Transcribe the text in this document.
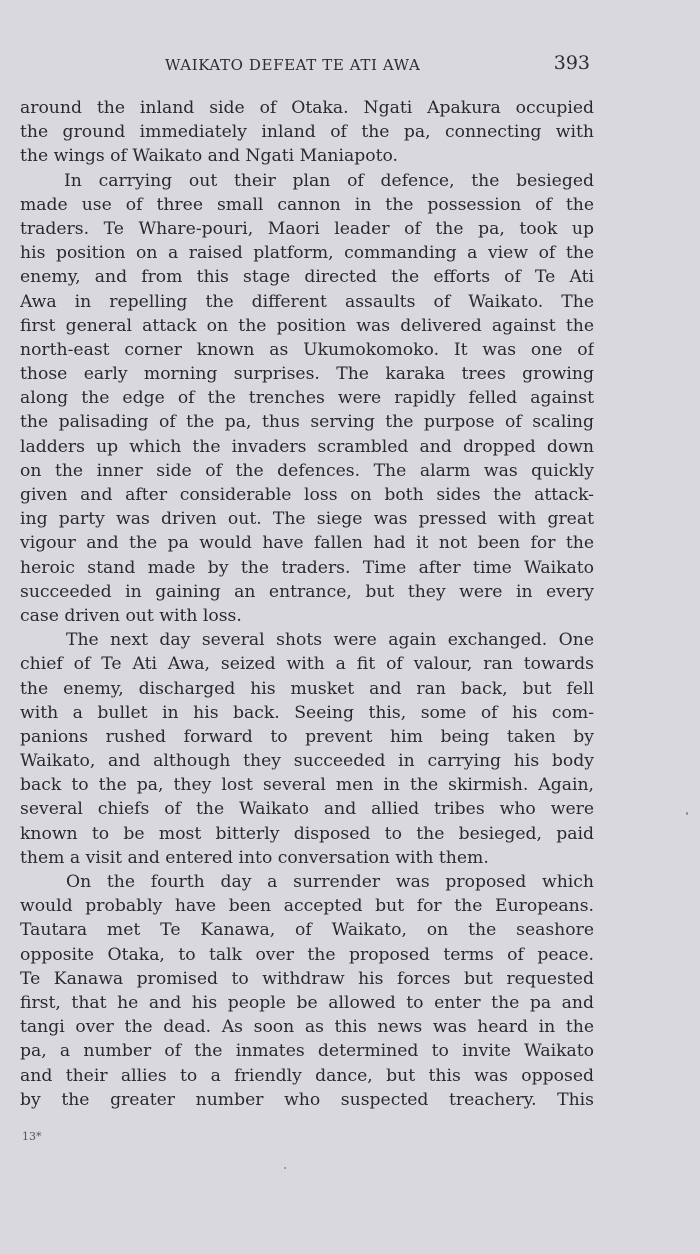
WAIKATO DEFEAT TE ATI AWA	393
around the inland side of Otaka. Ngati Apakura occupied
the ground immediately inland of the pa, connecting with
the wings of Waikato and Ngati Maniapoto.
In carrying out their plan of defence, the besieged
made use of three small cannon in the possession of the
traders. Te Whare-pouri, Maori leader of the pa, took up
his position on a raised platform, commanding a view of the
enemy, and from this stage directed the efforts of Te Ati
Awa in repelling the different assaults of Waikato. The
first general attack on the position was delivered against the
north-east corner known as Ukumokomoko. It was one of
those early morning surprises. The karaka trees growing
along the edge of the trenches were rapidly felled against
the palisading of the pa, thus serving the purpose of scaling
ladders up which the invaders scrambled and dropped down
on the inner side of the defences. The alarm was quickly
given and after considerable loss on both sides the attack-
ing party was driven out. The siege was pressed with great
vigour and the pa would have fallen had it not been for the
heroic stand made by the traders. Time after time Waikato
succeeded in gaining an entrance, but they were in every
case driven out with loss.
The next day several shots were again exchanged. One
chief of Te Ati Awa, seized with a fit of valour, ran towards
the enemy, discharged his musket and ran back, but fell
with a bullet in his back. Seeing this, some of his com-
panions rushed forward to prevent him being taken by
Waikato, and although they succeeded in carrying his body
back to the pa, they lost several men in the skirmish. Again,
several chiefs of the Waikato and allied tribes who were
known to be most bitterly disposed to the besieged, paid
them a visit and entered into conversation with them.
On the fourth day a surrender was proposed which
would probably have been accepted but for the Europeans.
Tautara met Te Kanawa, of Waikato, on the seashore
opposite Otaka, to talk over the proposed terms of peace.
Te Kanawa promised to withdraw his forces but requested
first, that he and his people be allowed to enter the pa and
tangi over the dead. As soon as this news was heard in the
pa, a number of the inmates determined to invite Waikato
and their allies to a friendly dance, but this was opposed
by the greater number who suspected treachery. This
13*
